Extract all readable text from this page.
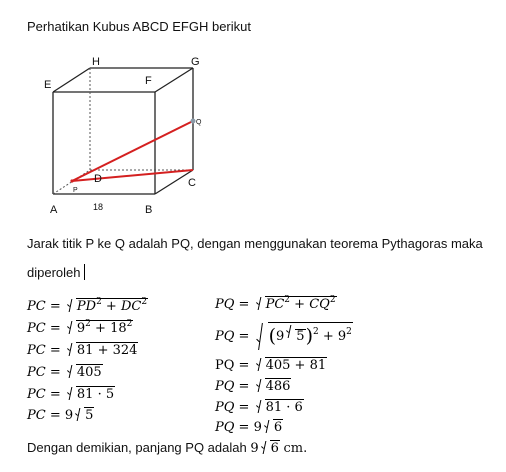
Perhatikan Kubus ABCD EFGH berikut
A	B
C
D
E	F
G
H
P
Q
18
Jarak titik P ke Q adalah PQ, dengan menggunakan teorema Pythagoras maka
diperoleh
PC = $PD^2 + DC^2$
PC = $9^2 + 18^2$
PC = 81 + 324
PC = 405
PC = 81 · 5
PC = 9 5
PQ = $PC^2 + CQ^2$
PQ = (9 $5)^2 + 9^2$
PQ = 405 + 81
PQ = 486
PQ = 81 · 6
PQ = 9 6
Dengan demikian, panjang PQ adalah 9 6 cm.
